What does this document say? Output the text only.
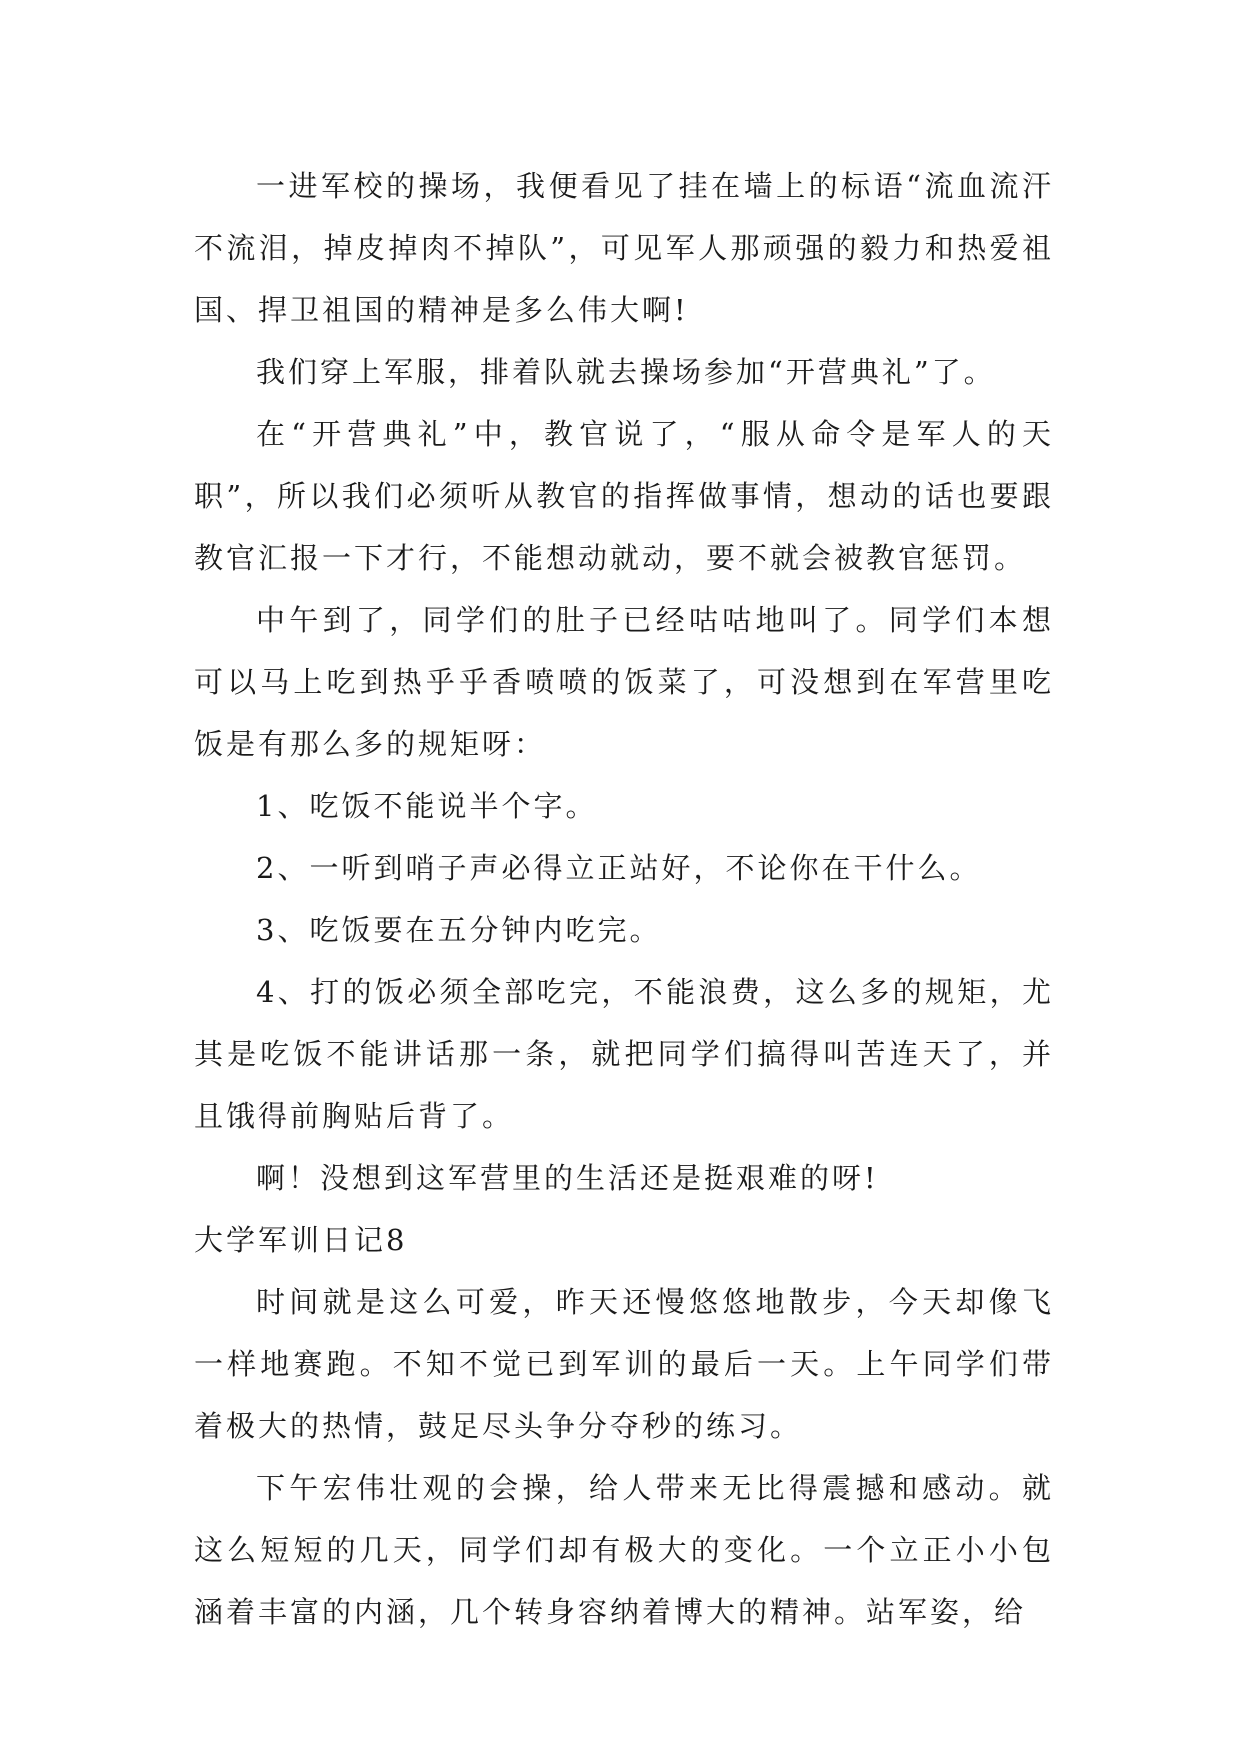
一进军校的操场，我便看见了挂在墙上的标语“流血流汗不流泪，掉皮掉肉不掉队”，可见军人那顽强的毅力和热爱祖国、捍卫祖国的精神是多么伟大啊!

我们穿上军服，排着队就去操场参加“开营典礼”了。

在“开营典礼”中，教官说了，“服从命令是军人的天职”，所以我们必须听从教官的指挥做事情，想动的话也要跟教官汇报一下才行，不能想动就动，要不就会被教官惩罚。

中午到了，同学们的肚子已经咕咕地叫了。同学们本想可以马上吃到热乎乎香喷喷的饭菜了，可没想到在军营里吃饭是有那么多的规矩呀：

1、吃饭不能说半个字。

2、一听到哨子声必得立正站好，不论你在干什么。

3、吃饭要在五分钟内吃完。

4、打的饭必须全部吃完，不能浪费，这么多的规矩，尤其是吃饭不能讲话那一条，就把同学们搞得叫苦连天了，并且饿得前胸贴后背了。

啊！没想到这军营里的生活还是挺艰难的呀!

大学军训日记8

时间就是这么可爱，昨天还慢悠悠地散步，今天却像飞一样地赛跑。不知不觉已到军训的最后一天。上午同学们带着极大的热情，鼓足尽头争分夺秒的练习。

下午宏伟壮观的会操，给人带来无比得震撼和感动。就这么短短的几天，同学们却有极大的变化。一个立正小小包涵着丰富的内涵，几个转身容纳着博大的精神。站军姿，给
